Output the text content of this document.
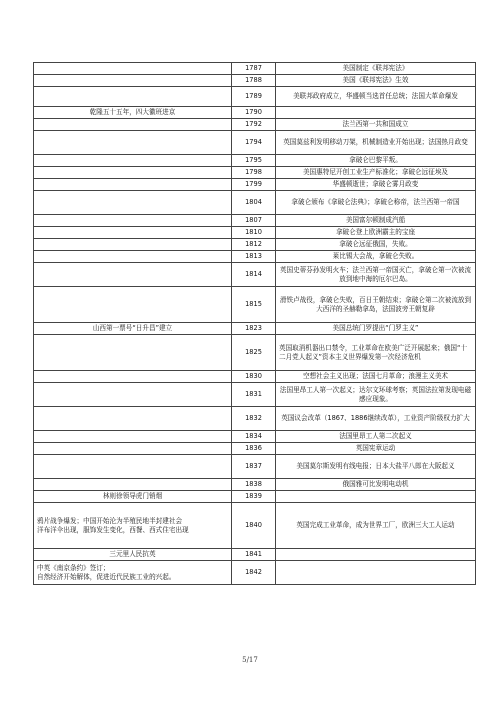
	1787	美国制定《联邦宪法》
	1788	美国《联邦宪法》生效
	1789	美联邦政府成立，华盛顿当选首任总统；法国大革命爆发
乾隆五十五年，四大徽班进京	1790	
	1792	法兰西第一共和国成立
	1794	英国莫兹利发明移动刀架，机械制造业开始出现；法国热月政变
	1795	拿破仑巴黎平叛。
	1798	美国惠特尼开创工业生产标准化；拿破仑远征埃及
	1799	华盛顿逝世；拿破仑雾月政变
	1804	拿破仑颁布《拿破仑法典》；拿破仑称帝，法兰西第一帝国
	1807	美国富尔顿制成汽船
	1810	拿破仑登上欧洲霸主的宝座
	1812	拿破仑远征俄国，失败。
	1813	莱比锡大会战，拿破仑失败。
	1814	英国史蒂芬孙发明火车；法兰西第一帝国灭亡，拿破仑第一次被流放到地中海的厄尔巴岛。
	1815	滑铁卢战役，拿破仑失败，百日王朝结束；拿破仑第二次被流放到大西洋的圣赫勒拿岛，法国波旁王朝复辟
山西第一票号“日升昌”建立	1823	美国总统门罗提出“门罗主义”
	1825	英国取消机器出口禁令，工业革命在欧美广泛开展起来；俄国“十二月党人起义”资本主义世界爆发第一次经济危机
	1830	空想社会主义出现；法国七月革命；浪漫主义美术
	1831	法国里昂工人第一次起义；达尔文环球考察；英国法拉第发现电磁感应现象。
	1832	英国议会改革（1867、1886继续改革），工业资产阶级权力扩大
	1834	法国里昂工人第二次起义
	1836	英国宪章运动
	1837	美国莫尔斯发明有线电报；日本大盐平八郎在大阪起义
	1838	俄国雅可比发明电动机
林则徐领导虎门销烟	1839	

鸦片战争爆发；中国开始沦为半殖民地半封建社会
洋布洋伞出现，服饰发生变化，西餐、西式住宅出现	1840	英国完成工业革命，成为世界工厂，欧洲三大工人运动
三元里人民抗英	1841	

中英《南京条约》签订；
自然经济开始解体，促进近代民族工业的兴起。	1842	
5/17
